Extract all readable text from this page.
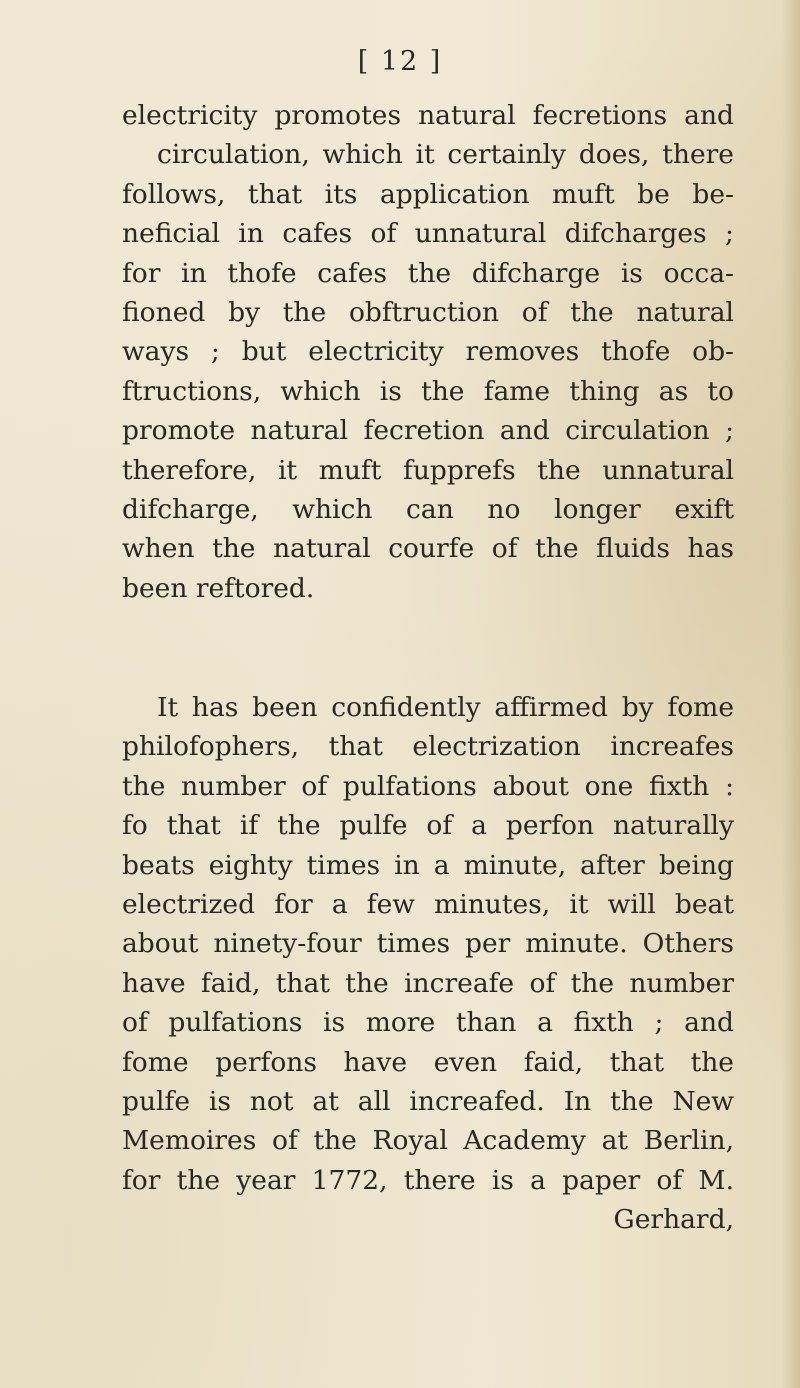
[ 12 ]
electricity promotes natural fecretions and
circulation, which it certainly does, there
follows, that its application muft be be-
neficial in cafes of unnatural difcharges ;
for in thofe cafes the difcharge is occa-
fioned by the obftruction of the natural
ways ; but electricity removes thofe ob-
ftructions, which is the fame thing as to
promote natural fecretion and circulation ;
therefore, it muft fupprefs the unnatural
difcharge, which can no longer exift
when the natural courfe of the fluids has
been reftored.
It has been confidently affirmed by fome
philofophers, that electrization increafes
the number of pulfations about one fixth :
fo that if the pulfe of a perfon naturally
beats eighty times in a minute, after being
electrized for a few minutes, it will beat
about ninety-four times per minute. Others
have faid, that the increafe of the number
of pulfations is more than a fixth ; and
fome perfons have even faid, that the
pulfe is not at all increafed. In the New
Memoires of the Royal Academy at Berlin,
for the year 1772, there is a paper of M.
Gerhard,
